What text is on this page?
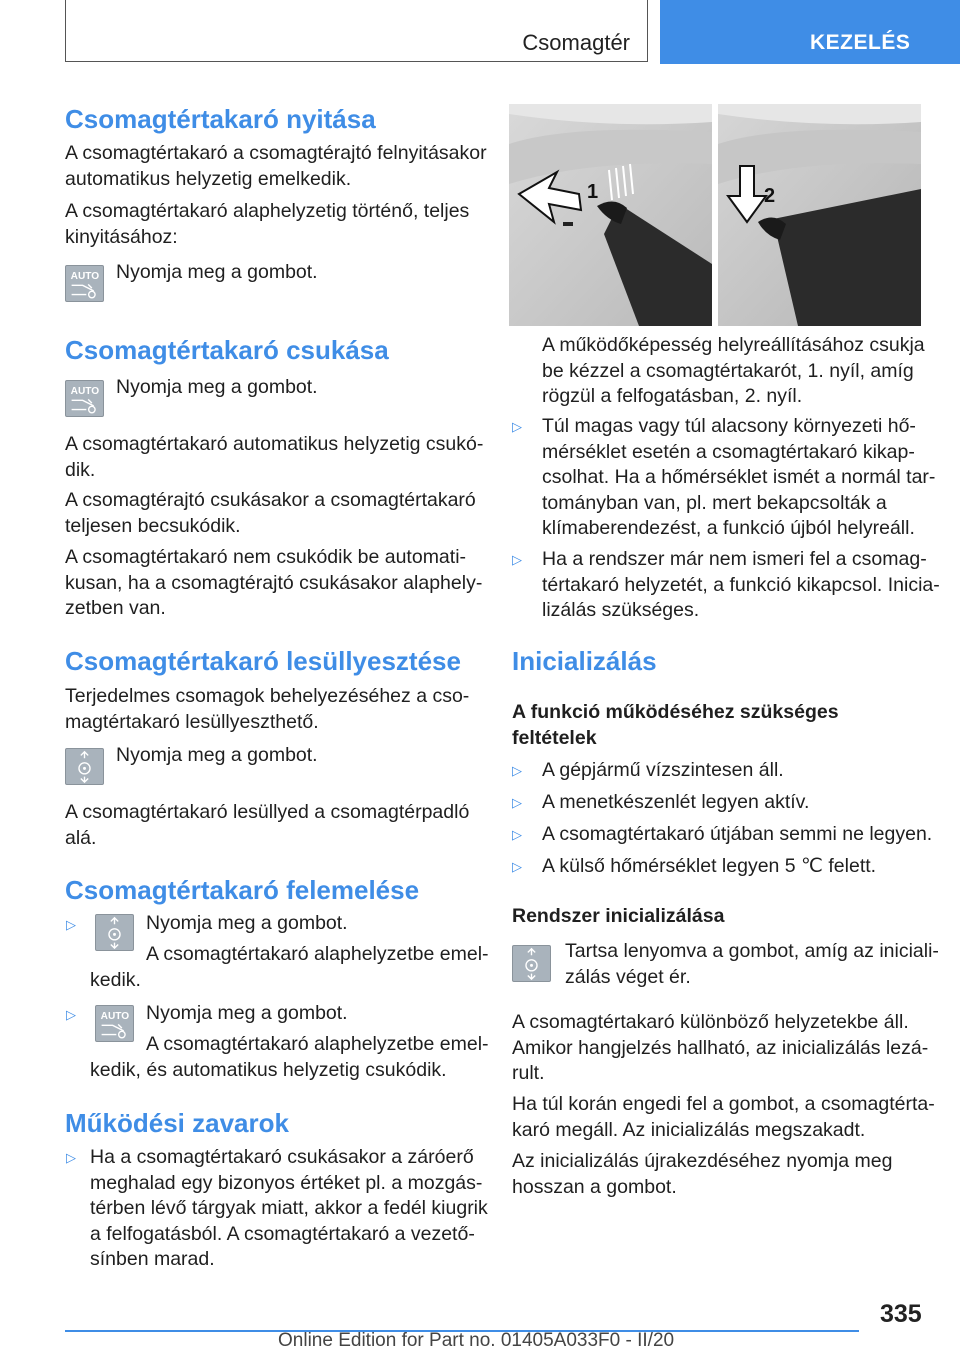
Csomagtér	KEZELÉS
Csomagtértakaró nyitása
A csomagtértakaró a csomagtérajtó felnyitásakor
automatikus helyzetig emelkedik.
A csomagtértakaró alaphelyzetig történő, teljes
kinyitásához:
Nyomja meg a gombot.
Csomagtértakaró csukása
Nyomja meg a gombot.
A csomagtértakaró automatikus helyzetig csukó-
dik.
A csomagtérajtó csukásakor a csomagtértakaró
teljesen becsukódik.
A csomagtértakaró nem csukódik be automati-
kusan, ha a csomagtérajtó csukásakor alaphely-
zetben van.
Csomagtértakaró lesüllyesztése
Terjedelmes csomagok behelyezéséhez a cso-
magtértakaró lesüllyeszthető.
Nyomja meg a gombot.
A csomagtértakaró lesüllyed a csomagtérpadló
alá.
Csomagtértakaró felemelése
▷	Nyomja meg a gombot.
A csomagtértakaró alaphelyzetbe emel-
kedik.
▷	Nyomja meg a gombot.
A csomagtértakaró alaphelyzetbe emel-
kedik, és automatikus helyzetig csukódik.
Működési zavarok
▷ Ha a csomagtértakaró csukásakor a záróerő
meghalad egy bizonyos értéket pl. a mozgás-
térben lévő tárgyak miatt, akkor a fedél kiugrik
a felfogatásból. A csomagtértakaró a vezető-
sínben marad.
1	2
A működőképesség helyreállításához csukja
be kézzel a csomagtértakarót, 1. nyíl, amíg
rögzül a felfogatásban, 2. nyíl.
▷ Túl magas vagy túl alacsony környezeti hő-
mérséklet esetén a csomagtértakaró kikap-
csolhat. Ha a hőmérséklet ismét a normál tar-
tományban van, pl. mert bekapcsolták a
klímaberendezést, a funkció újból helyreáll.
▷ Ha a rendszer már nem ismeri fel a csomag-
tértakaró helyzetét, a funkció kikapcsol. Inicia-
lizálás szükséges.
Inicializálás
A funkció működéséhez szükséges
feltételek
▷ A gépjármű vízszintesen áll.
▷ A menetkészenlét legyen aktív.
▷ A csomagtértakaró útjában semmi ne legyen.
▷ A külső hőmérséklet legyen 5 ℃ felett.
Rendszer inicializálása
Tartsa lenyomva a gombot, amíg az iniciali-
zálás véget ér.
A csomagtértakaró különböző helyzetekbe áll.
Amikor hangjelzés hallható, az inicializálás lezá-
rult.
Ha túl korán engedi fel a gombot, a csomagtérta-
karó megáll. Az inicializálás megszakadt.
Az inicializálás újrakezdéséhez nyomja meg
hosszan a gombot.
335
Online Edition for Part no. 01405A033F0 - II/20
